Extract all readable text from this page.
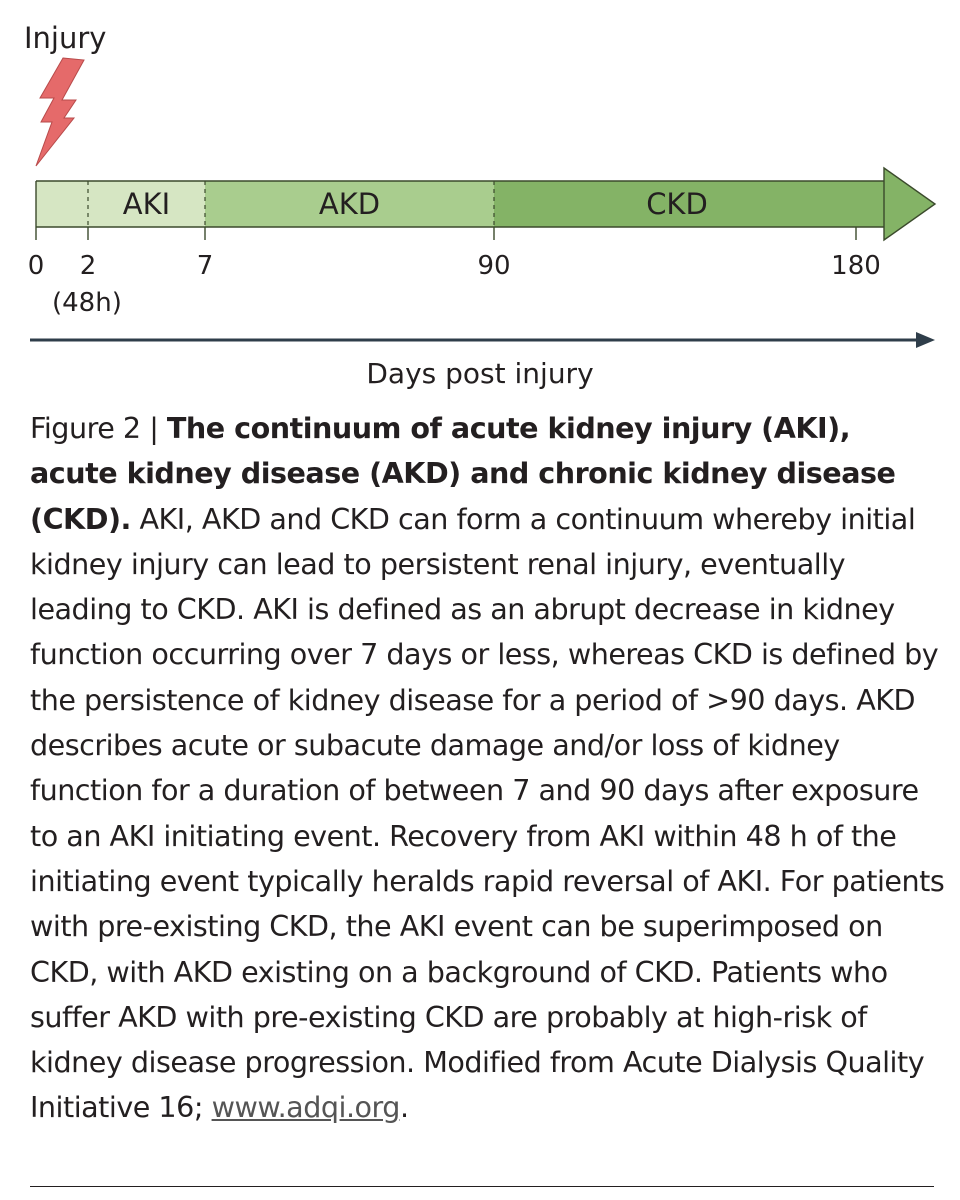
Injury
AKI	AKD	CKD
0 2	7	90	180
(48h)
Days post injury

Figure 2 | The continuum of acute kidney injury (AKI), acute kidney disease (AKD) and chronic kidney disease (CKD). AKI, AKD and CKD can form a continuum whereby initial kidney injury can lead to persistent renal injury, eventually leading to CKD. AKI is defined as an abrupt decrease in kidney function occurring over 7 days or less, whereas CKD is defined by the persistence of kidney disease for a period of >90 days. AKD describes acute or subacute damage and/or loss of kidney function for a duration of between 7 and 90 days after exposure to an AKI initiating event. Recovery from AKI within 48 h of the initiating event typically heralds rapid reversal of AKI. For patients with pre-existing CKD, the AKI event can be superimposed on CKD, with AKD existing on a background of CKD. Patients who suffer AKD with pre-existing CKD are probably at high-risk of kidney disease progression. Modified from Acute Dialysis Quality Initiative 16; www.adqi.org.
